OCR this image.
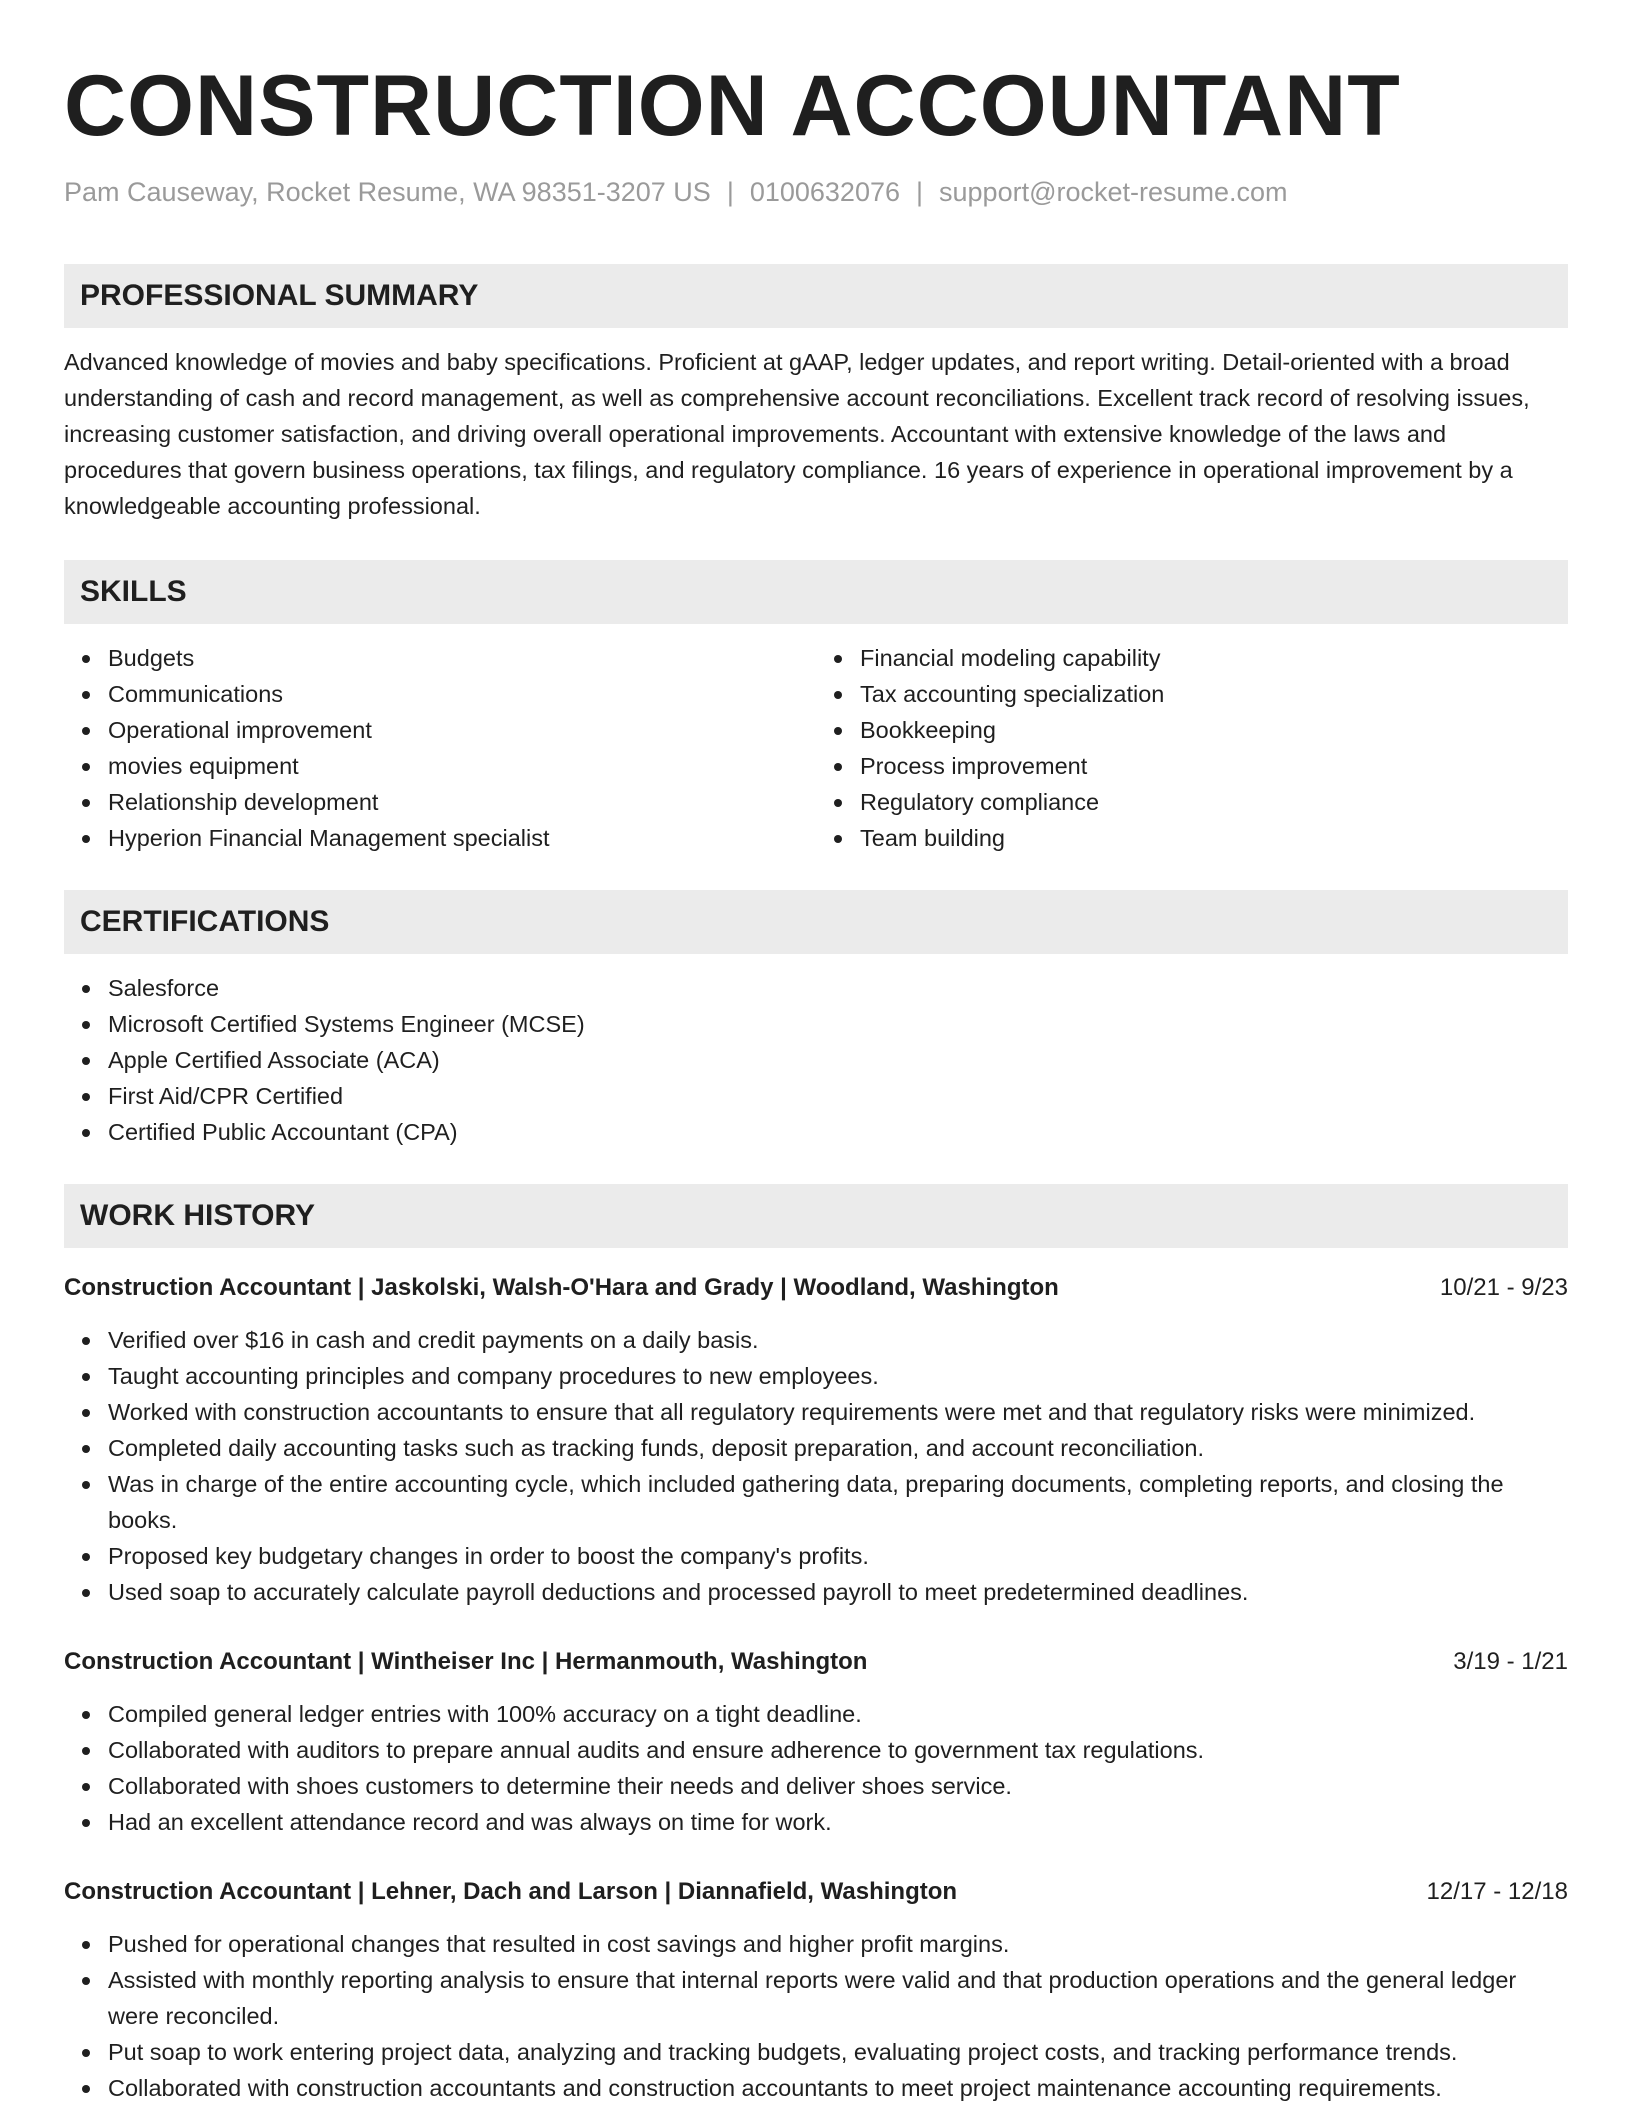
CONSTRUCTION ACCOUNTANT
Pam Causeway, Rocket Resume, WA 98351-3207 US | 0100632076 | support@rocket-resume.com
PROFESSIONAL SUMMARY
Advanced knowledge of movies and baby specifications. Proficient at gAAP, ledger updates, and report writing. Detail-oriented with a broad understanding of cash and record management, as well as comprehensive account reconciliations. Excellent track record of resolving issues, increasing customer satisfaction, and driving overall operational improvements. Accountant with extensive knowledge of the laws and procedures that govern business operations, tax filings, and regulatory compliance. 16 years of experience in operational improvement by a knowledgeable accounting professional.
SKILLS
Budgets
Communications
Operational improvement
movies equipment
Relationship development
Hyperion Financial Management specialist
Financial modeling capability
Tax accounting specialization
Bookkeeping
Process improvement
Regulatory compliance
Team building
CERTIFICATIONS
Salesforce
Microsoft Certified Systems Engineer (MCSE)
Apple Certified Associate (ACA)
First Aid/CPR Certified
Certified Public Accountant (CPA)
WORK HISTORY
Construction Accountant | Jaskolski, Walsh-O'Hara and Grady | Woodland, Washington	10/21 - 9/23
Verified over $16 in cash and credit payments on a daily basis.
Taught accounting principles and company procedures to new employees.
Worked with construction accountants to ensure that all regulatory requirements were met and that regulatory risks were minimized.
Completed daily accounting tasks such as tracking funds, deposit preparation, and account reconciliation.
Was in charge of the entire accounting cycle, which included gathering data, preparing documents, completing reports, and closing the books.
Proposed key budgetary changes in order to boost the company's profits.
Used soap to accurately calculate payroll deductions and processed payroll to meet predetermined deadlines.
Construction Accountant | Wintheiser Inc | Hermanmouth, Washington	3/19 - 1/21
Compiled general ledger entries with 100% accuracy on a tight deadline.
Collaborated with auditors to prepare annual audits and ensure adherence to government tax regulations.
Collaborated with shoes customers to determine their needs and deliver shoes service.
Had an excellent attendance record and was always on time for work.
Construction Accountant | Lehner, Dach and Larson | Diannafield, Washington	12/17 - 12/18
Pushed for operational changes that resulted in cost savings and higher profit margins.
Assisted with monthly reporting analysis to ensure that internal reports were valid and that production operations and the general ledger were reconciled.
Put soap to work entering project data, analyzing and tracking budgets, evaluating project costs, and tracking performance trends.
Collaborated with construction accountants and construction accountants to meet project maintenance accounting requirements.
